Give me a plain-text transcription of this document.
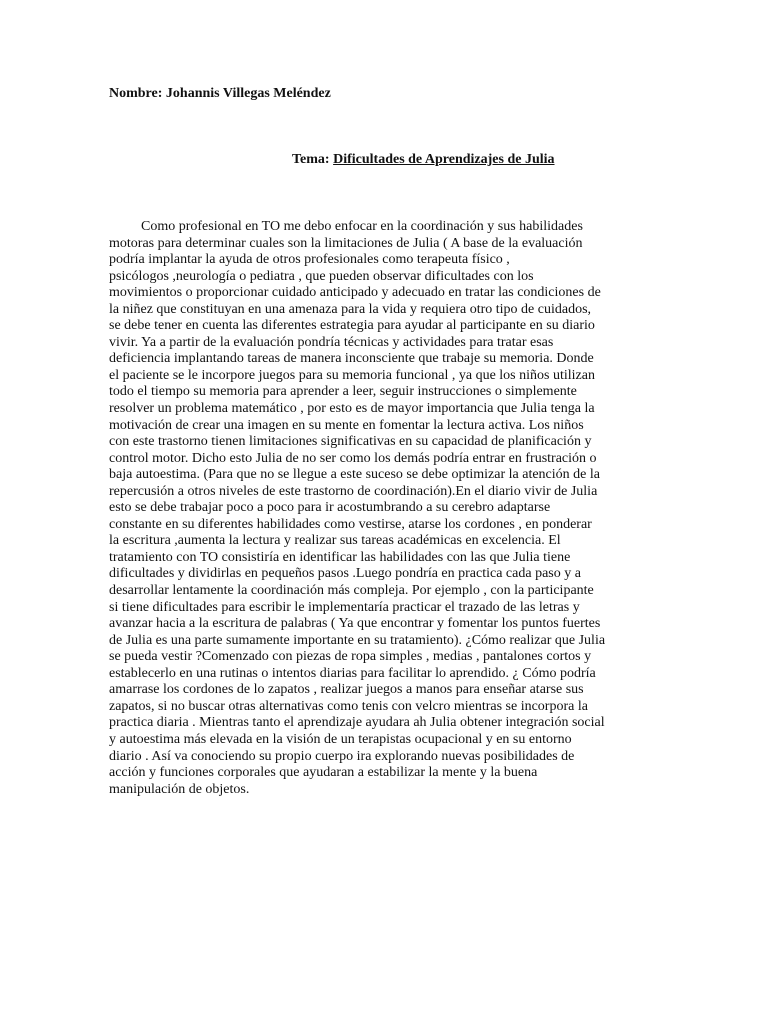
Nombre: Johannis Villegas Meléndez
Tema: Dificultades de Aprendizajes de Julia
Como profesional en TO me debo enfocar en la coordinación y sus habilidades
motoras para determinar cuales son la limitaciones de Julia ( A base de la evaluación
podría implantar la ayuda de otros profesionales como terapeuta físico ,
psicólogos ,neurología o pediatra , que pueden observar dificultades con los
movimientos o proporcionar cuidado anticipado y adecuado en tratar las condiciones de
la niñez que constituyan en una amenaza para la vida y requiera otro tipo de cuidados,
se debe tener en cuenta las diferentes estrategia para ayudar al participante en su diario
vivir. Ya a partir de la evaluación pondría técnicas y actividades para tratar esas
deficiencia implantando tareas de manera inconsciente que trabaje su memoria. Donde
el paciente se le incorpore juegos para su memoria funcional , ya que los niños utilizan
todo el tiempo su memoria para aprender a leer, seguir instrucciones o simplemente
resolver un problema matemático , por esto es de mayor importancia que Julia tenga la
motivación de crear una imagen en su mente en fomentar la lectura activa. Los niños
con este trastorno tienen limitaciones significativas en su capacidad de planificación y
control motor. Dicho esto Julia de no ser como los demás podría entrar en frustración o
baja autoestima. (Para que no se llegue a este suceso se debe optimizar la atención de la
repercusión a otros niveles de este trastorno de coordinación).En el diario vivir de Julia
esto se debe trabajar poco a poco para ir acostumbrando a su cerebro adaptarse
constante en su diferentes habilidades como vestirse, atarse los cordones , en ponderar
la escritura ,aumenta la lectura y realizar sus tareas académicas en excelencia. El
tratamiento con TO consistiría en identificar las habilidades con las que Julia tiene
dificultades y dividirlas en pequeños pasos .Luego pondría en practica cada paso y a
desarrollar lentamente la coordinación más compleja. Por ejemplo , con la participante
si tiene dificultades para escribir le implementaría practicar el trazado de las letras y
avanzar hacia a la escritura de palabras ( Ya que encontrar y fomentar los puntos fuertes
de Julia es una parte sumamente importante en su tratamiento). ¿Cómo realizar que Julia
se pueda vestir ?Comenzado con piezas de ropa simples , medias , pantalones cortos y
establecerlo en una rutinas o intentos diarias para facilitar lo aprendido. ¿ Cómo podría
amarrase los cordones de lo zapatos , realizar juegos a manos para enseñar atarse sus
zapatos, si no buscar otras alternativas como tenis con velcro mientras se incorpora la
practica diaria . Mientras tanto el aprendizaje ayudara ah Julia obtener integración social
y autoestima más elevada en la visión de un terapistas ocupacional y en su entorno
diario . Así va conociendo su propio cuerpo ira explorando nuevas posibilidades de
acción y funciones corporales que ayudaran a estabilizar la mente y la buena
manipulación de objetos.
